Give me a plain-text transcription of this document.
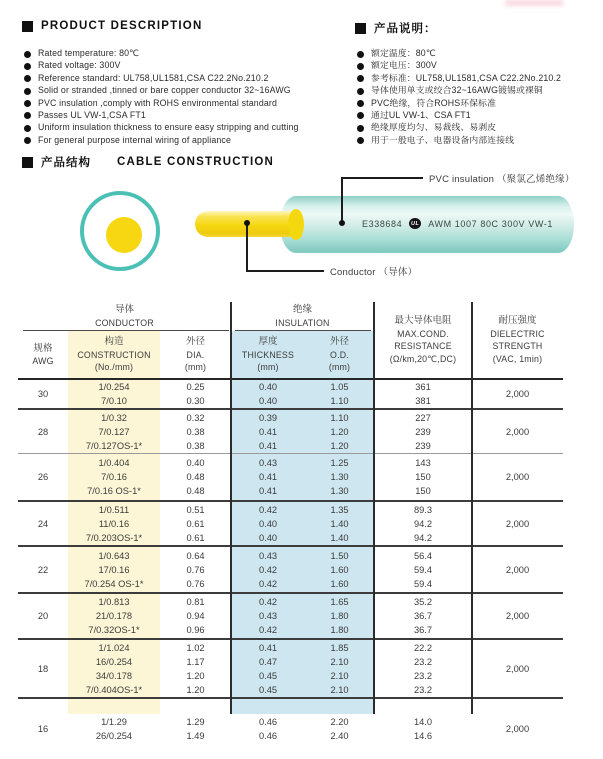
PRODUCT DESCRIPTION
Rated temperature: 80℃
Rated voltage: 300V
Reference standard: UL758,UL1581,CSA C22.2No.210.2
Solid or stranded ,tinned or bare copper conductor 32~16AWG
PVC insulation ,comply with ROHS environmental standard
Passes UL VW-1,CSA FT1
Uniform insulation thickness to ensure easy stripping and cutting
For general purpose internal wiring of appliance
产品说明：
额定温度：80℃
额定电压：300V
参考标准：UL758,UL1581,CSA C22.2No.210.2
导体使用单支或绞合32~16AWG镀锡或裸铜
PVC绝缘，符合ROHS环保标准
通过UL VW-1、CSA FT1
绝缘厚度均匀、易裁线、易剥皮
用于一般电子、电器设备内部连接线
产品结构 CABLE CONSTRUCTION
E338684	UL AWM 1007 80C 300V VW-1
PVC insulation （聚氯乙烯绝缘）
Conductor （导体）
导体
CONDUCTOR
绝缘
INSULATION
规格
AWG
构造
CONSTRUCTION
(No./mm)
外径
DIA.
(mm)
厚度
THICKNESS
(mm)
外径
O.D.
(mm)
最大导体电阻
MAX.COND.
RESISTANCE
(Ω/km,20℃,DC)
耐压强度
DIELECTRIC
STRENGTH
(VAC, 1min)
30
1/0.254
7/0.10
0.25
0.30
0.40
0.40
1.05
1.10
361
381
2,000
28
1/0.32
7/0.127
7/0.127OS-1*
0.32
0.38
0.38
0.39
0.41
0.41
1.10
1.20
1.20
227
239
239
2,000
26
1/0.404
7/0.16
7/0.16 OS-1*
0.40
0.48
0.48
0.43
0.41
0.41
1.25
1.30
1.30
143
150
150
2,000
24
1/0.511
11/0.16
7/0.203OS-1*
0.51
0.61
0.61
0.42
0.40
0.40
1.35
1.40
1.40
89.3
94.2
94.2
2,000
22
1/0.643
17/0.16
7/0.254 OS-1*
0.64
0.76
0.76
0.43
0.42
0.42
1.50
1.60
1.60
56.4
59.4
59.4
2,000
20
1/0.813
21/0.178
7/0.32OS-1*
0.81
0.94
0.96
0.42
0.43
0.42
1.65
1.80
1.80
35.2
36.7
36.7
2,000
18
1/1.024
16/0.254
34/0.178
7/0.404OS-1*
1.02
1.17
1.20
1.20
0.41
0.47
0.45
0.45
1.85
2.10
2.10
2.10
22.2
23.2
23.2
23.2
2,000
16
1/1.29
26/0.254
1.29
1.49
0.46
0.46
2.20
2.40
14.0
14.6
2,000
